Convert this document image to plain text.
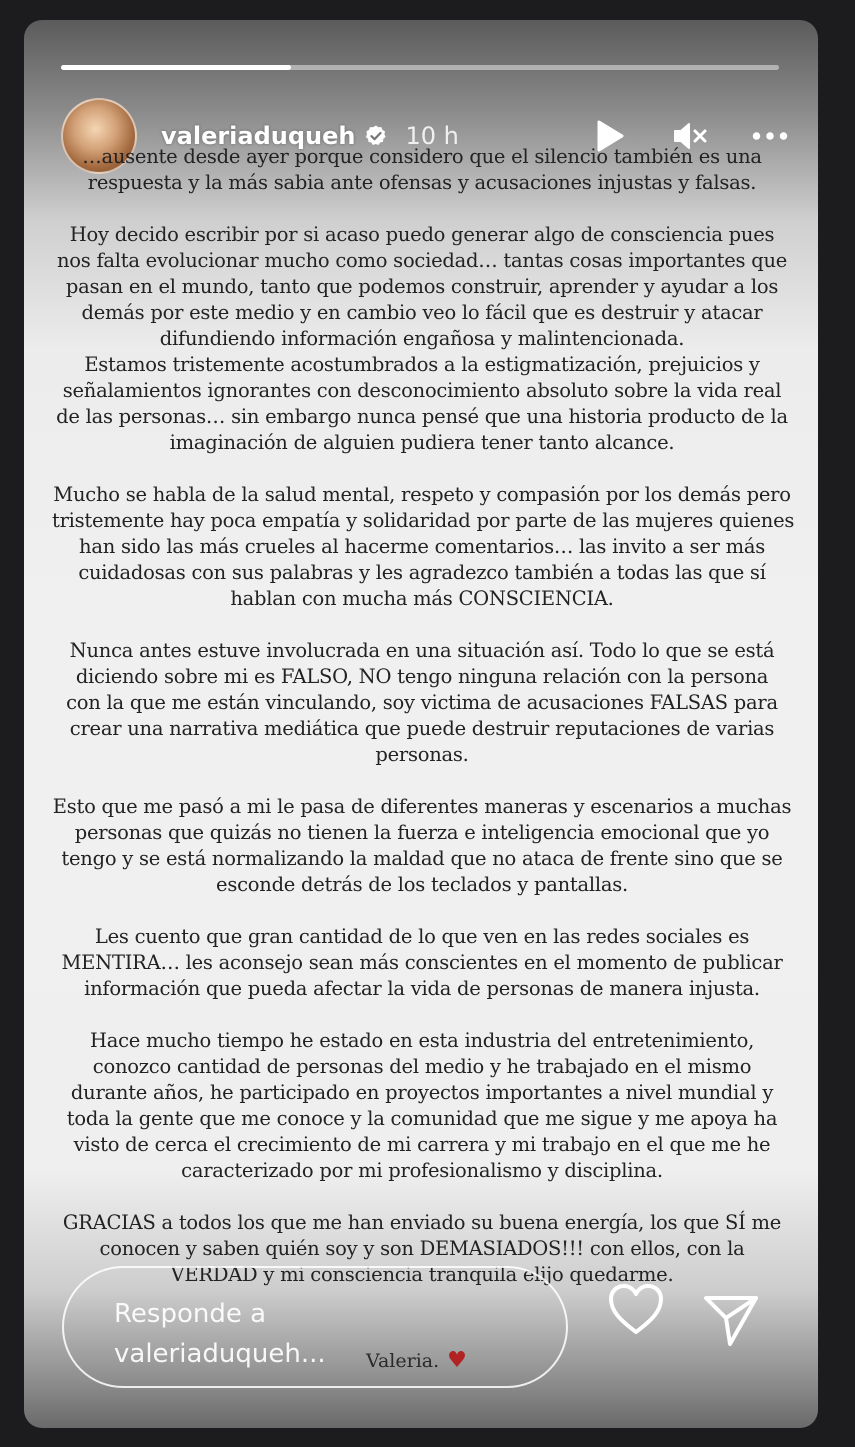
valeriaduqueh 10 h

…ausente desde ayer porque considero que el silencio también es una
respuesta y la más sabia ante ofensas y acusaciones injustas y falsas.

Hoy decido escribir por si acaso puedo generar algo de consciencia pues
nos falta evolucionar mucho como sociedad… tantas cosas importantes que
pasan en el mundo, tanto que podemos construir, aprender y ayudar a los
demás por este medio y en cambio veo lo fácil que es destruir y atacar
difundiendo información engañosa y malintencionada.
Estamos tristemente acostumbrados a la estigmatización, prejuicios y
señalamientos ignorantes con desconocimiento absoluto sobre la vida real
de las personas… sin embargo nunca pensé que una historia producto de la
imaginación de alguien pudiera tener tanto alcance.

Mucho se habla de la salud mental, respeto y compasión por los demás pero
tristemente hay poca empatía y solidaridad por parte de las mujeres quienes
han sido las más crueles al hacerme comentarios… las invito a ser más
cuidadosas con sus palabras y les agradezco también a todas las que sí
hablan con mucha más CONSCIENCIA.

Nunca antes estuve involucrada en una situación así. Todo lo que se está
diciendo sobre mi es FALSO, NO tengo ninguna relación con la persona
con la que me están vinculando, soy victima de acusaciones FALSAS para
crear una narrativa mediática que puede destruir reputaciones de varias
personas.

Esto que me pasó a mi le pasa de diferentes maneras y escenarios a muchas
personas que quizás no tienen la fuerza e inteligencia emocional que yo
tengo y se está normalizando la maldad que no ataca de frente sino que se
esconde detrás de los teclados y pantallas.

Les cuento que gran cantidad de lo que ven en las redes sociales es
MENTIRA… les aconsejo sean más conscientes en el momento de publicar
información que pueda afectar la vida de personas de manera injusta.

Hace mucho tiempo he estado en esta industria del entretenimiento,
conozco cantidad de personas del medio y he trabajado en el mismo
durante años, he participado en proyectos importantes a nivel mundial y
toda la gente que me conoce y la comunidad que me sigue y me apoya ha
visto de cerca el crecimiento de mi carrera y mi trabajo en el que me he
caracterizado por mi profesionalismo y disciplina.

GRACIAS a todos los que me han enviado su buena energía, los que SÍ me
conocen y saben quién soy y son DEMASIADOS!!! con ellos, con la
VERDAD y mi consciencia tranquila elijo quedarme.

Responde a
valeriaduqueh...	Valeria. ♥
